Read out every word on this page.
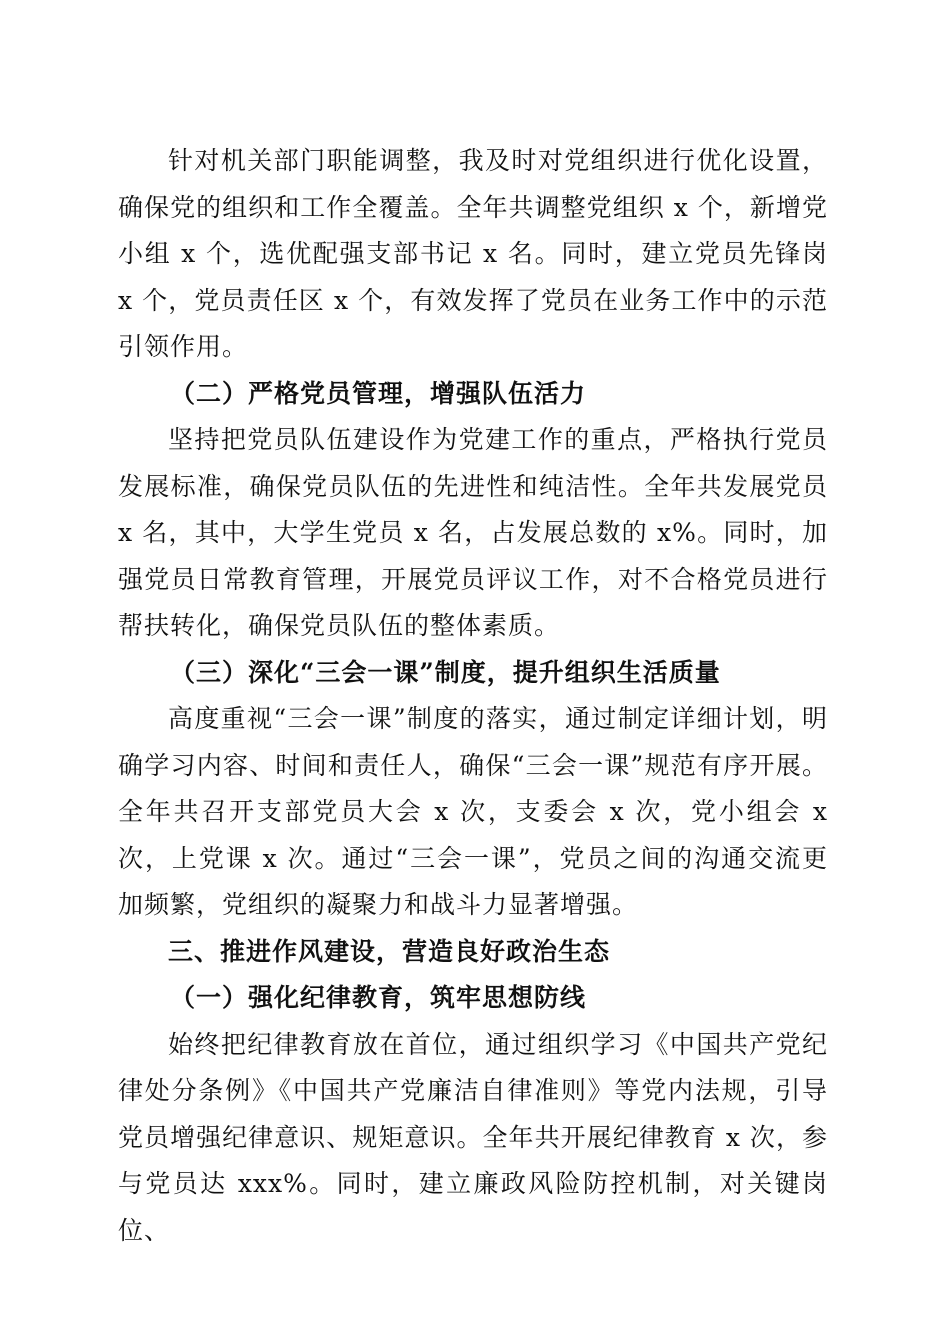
针对机关部门职能调整，我及时对党组织进行优化设置，确保党的组织和工作全覆盖。全年共调整党组织 x 个，新增党小组 x 个，选优配强支部书记 x 名。同时，建立党员先锋岗 x 个，党员责任区 x 个，有效发挥了党员在业务工作中的示范引领作用。

（二）严格党员管理，增强队伍活力

坚持把党员队伍建设作为党建工作的重点，严格执行党员发展标准，确保党员队伍的先进性和纯洁性。全年共发展党员 x 名，其中，大学生党员 x 名，占发展总数的 x%。同时，加强党员日常教育管理，开展党员评议工作，对不合格党员进行帮扶转化，确保党员队伍的整体素质。

（三）深化“三会一课”制度，提升组织生活质量

高度重视“三会一课”制度的落实，通过制定详细计划，明确学习内容、时间和责任人，确保“三会一课”规范有序开展。全年共召开支部党员大会 x 次，支委会 x 次，党小组会 x 次，上党课 x 次。通过“三会一课”，党员之间的沟通交流更加频繁，党组织的凝聚力和战斗力显著增强。

三、推进作风建设，营造良好政治生态

（一）强化纪律教育，筑牢思想防线

始终把纪律教育放在首位，通过组织学习《中国共产党纪律处分条例》《中国共产党廉洁自律准则》等党内法规，引导党员增强纪律意识、规矩意识。全年共开展纪律教育 x 次，参与党员达 xxx%。同时，建立廉政风险防控机制，对关键岗位、
